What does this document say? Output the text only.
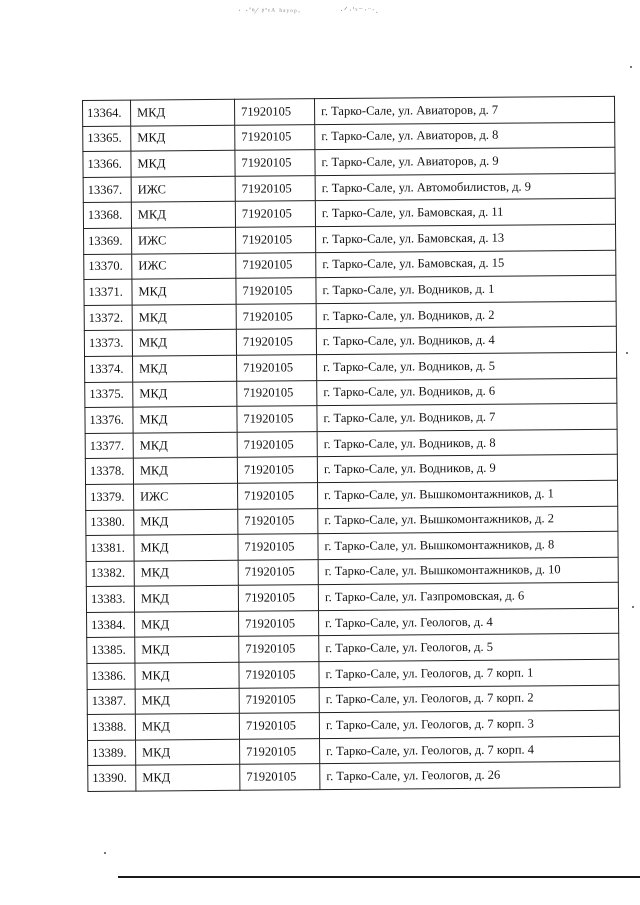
· ·'ⁿ⁄ ᵖ'ᶜᴬ ʰᵃʸᵒᵖ·	·ᐟ·'ˢ⁻·ᵔ·.
13364.	МКД	71920105	г. Тарко-Сале, ул. Авиаторов, д. 7
13365.	МКД	71920105	г. Тарко-Сале, ул. Авиаторов, д. 8
13366.	МКД	71920105	г. Тарко-Сале, ул. Авиаторов, д. 9
13367.	ИЖС	71920105	г. Тарко-Сале, ул. Автомобилистов, д. 9
13368.	МКД	71920105	г. Тарко-Сале, ул. Бамовская, д. 11
13369.	ИЖС	71920105	г. Тарко-Сале, ул. Бамовская, д. 13
13370.	ИЖС	71920105	г. Тарко-Сале, ул. Бамовская, д. 15
13371.	МКД	71920105	г. Тарко-Сале, ул. Водников, д. 1
13372.	МКД	71920105	г. Тарко-Сале, ул. Водников, д. 2
13373.	МКД	71920105	г. Тарко-Сале, ул. Водников, д. 4
13374.	МКД	71920105	г. Тарко-Сале, ул. Водников, д. 5
13375.	МКД	71920105	г. Тарко-Сале, ул. Водников, д. 6
13376.	МКД	71920105	г. Тарко-Сале, ул. Водников, д. 7
13377.	МКД	71920105	г. Тарко-Сале, ул. Водников, д. 8
13378.	МКД	71920105	г. Тарко-Сале, ул. Водников, д. 9
13379.	ИЖС	71920105	г. Тарко-Сале, ул. Вышкомонтажников, д. 1
13380.	МКД	71920105	г. Тарко-Сале, ул. Вышкомонтажников, д. 2
13381.	МКД	71920105	г. Тарко-Сале, ул. Вышкомонтажников, д. 8
13382.	МКД	71920105	г. Тарко-Сале, ул. Вышкомонтажников, д. 10
13383.	МКД	71920105	г. Тарко-Сале, ул. Газпромовская, д. 6
13384.	МКД	71920105	г. Тарко-Сале, ул. Геологов, д. 4
13385.	МКД	71920105	г. Тарко-Сале, ул. Геологов, д. 5
13386.	МКД	71920105	г. Тарко-Сале, ул. Геологов, д. 7 корп. 1
13387.	МКД	71920105	г. Тарко-Сале, ул. Геологов, д. 7 корп. 2
13388.	МКД	71920105	г. Тарко-Сале, ул. Геологов, д. 7 корп. 3
13389.	МКД	71920105	г. Тарко-Сале, ул. Геологов, д. 7 корп. 4
13390.	МКД	71920105	г. Тарко-Сале, ул. Геологов, д. 26
